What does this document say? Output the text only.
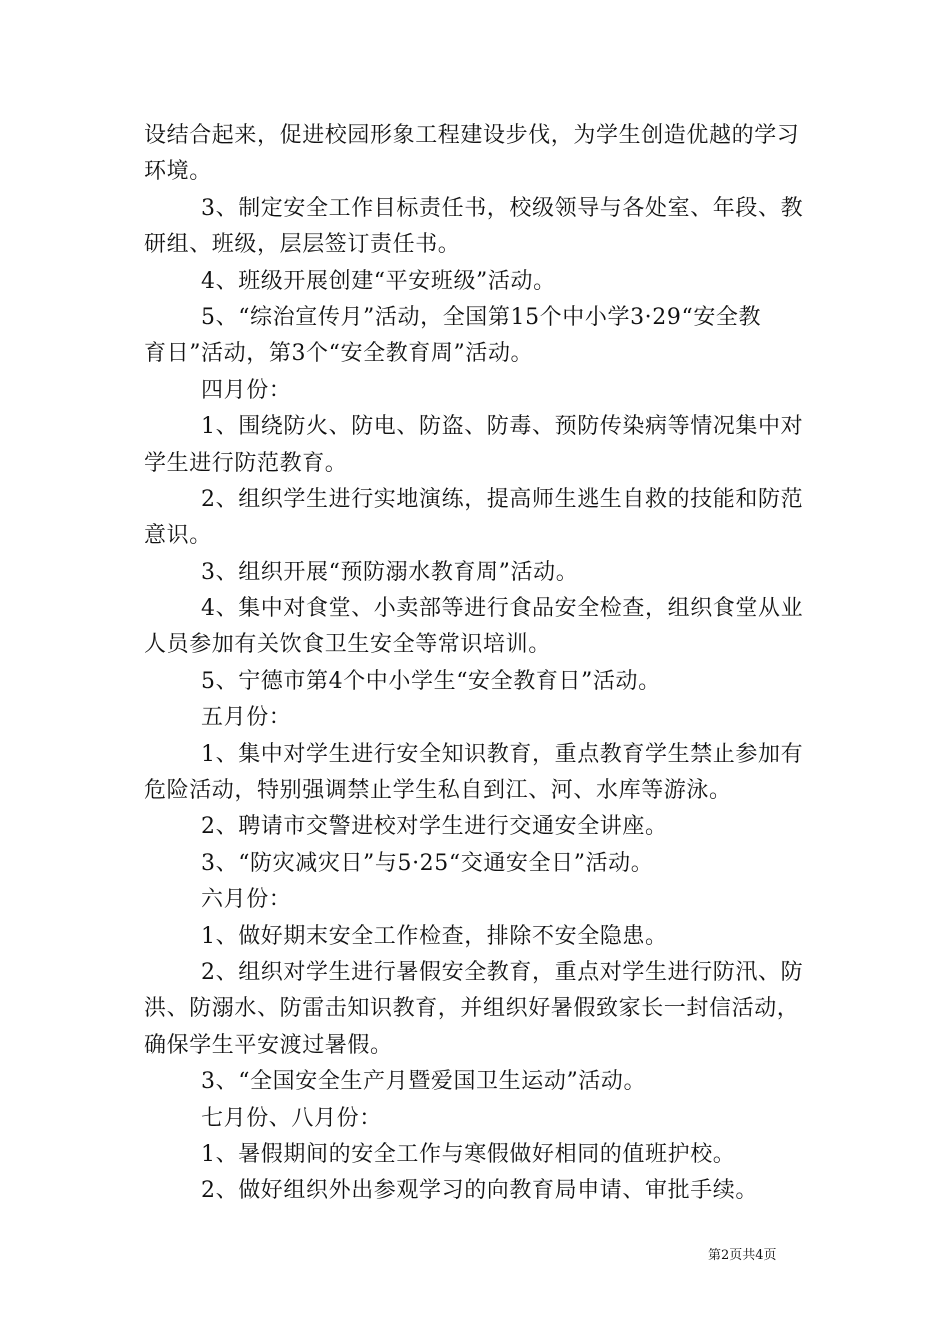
设结合起来，促进校园形象工程建设步伐，为学生创造优越的学习
环境。
3、制定安全工作目标责任书，校级领导与各处室、年段、教
研组、班级，层层签订责任书。
4、班级开展创建“平安班级”活动。
5、“综治宣传月”活动，全国第15个中小学3·29“安全教
育日”活动，第3个“安全教育周”活动。
四月份：
1、围绕防火、防电、防盗、防毒、预防传染病等情况集中对
学生进行防范教育。
2、组织学生进行实地演练，提高师生逃生自救的技能和防范
意识。
3、组织开展“预防溺水教育周”活动。
4、集中对食堂、小卖部等进行食品安全检查，组织食堂从业
人员参加有关饮食卫生安全等常识培训。
5、宁德市第4个中小学生“安全教育日”活动。
五月份：
1、集中对学生进行安全知识教育，重点教育学生禁止参加有
危险活动，特别强调禁止学生私自到江、河、水库等游泳。
2、聘请市交警进校对学生进行交通安全讲座。
3、“防灾减灾日”与5·25“交通安全日”活动。
六月份：
1、做好期末安全工作检查，排除不安全隐患。
2、组织对学生进行暑假安全教育，重点对学生进行防汛、防
洪、防溺水、防雷击知识教育，并组织好暑假致家长一封信活动，
确保学生平安渡过暑假。
3、“全国安全生产月暨爱国卫生运动”活动。
七月份、八月份：
1、暑假期间的安全工作与寒假做好相同的值班护校。
2、做好组织外出参观学习的向教育局申请、审批手续。
第2页共4页
